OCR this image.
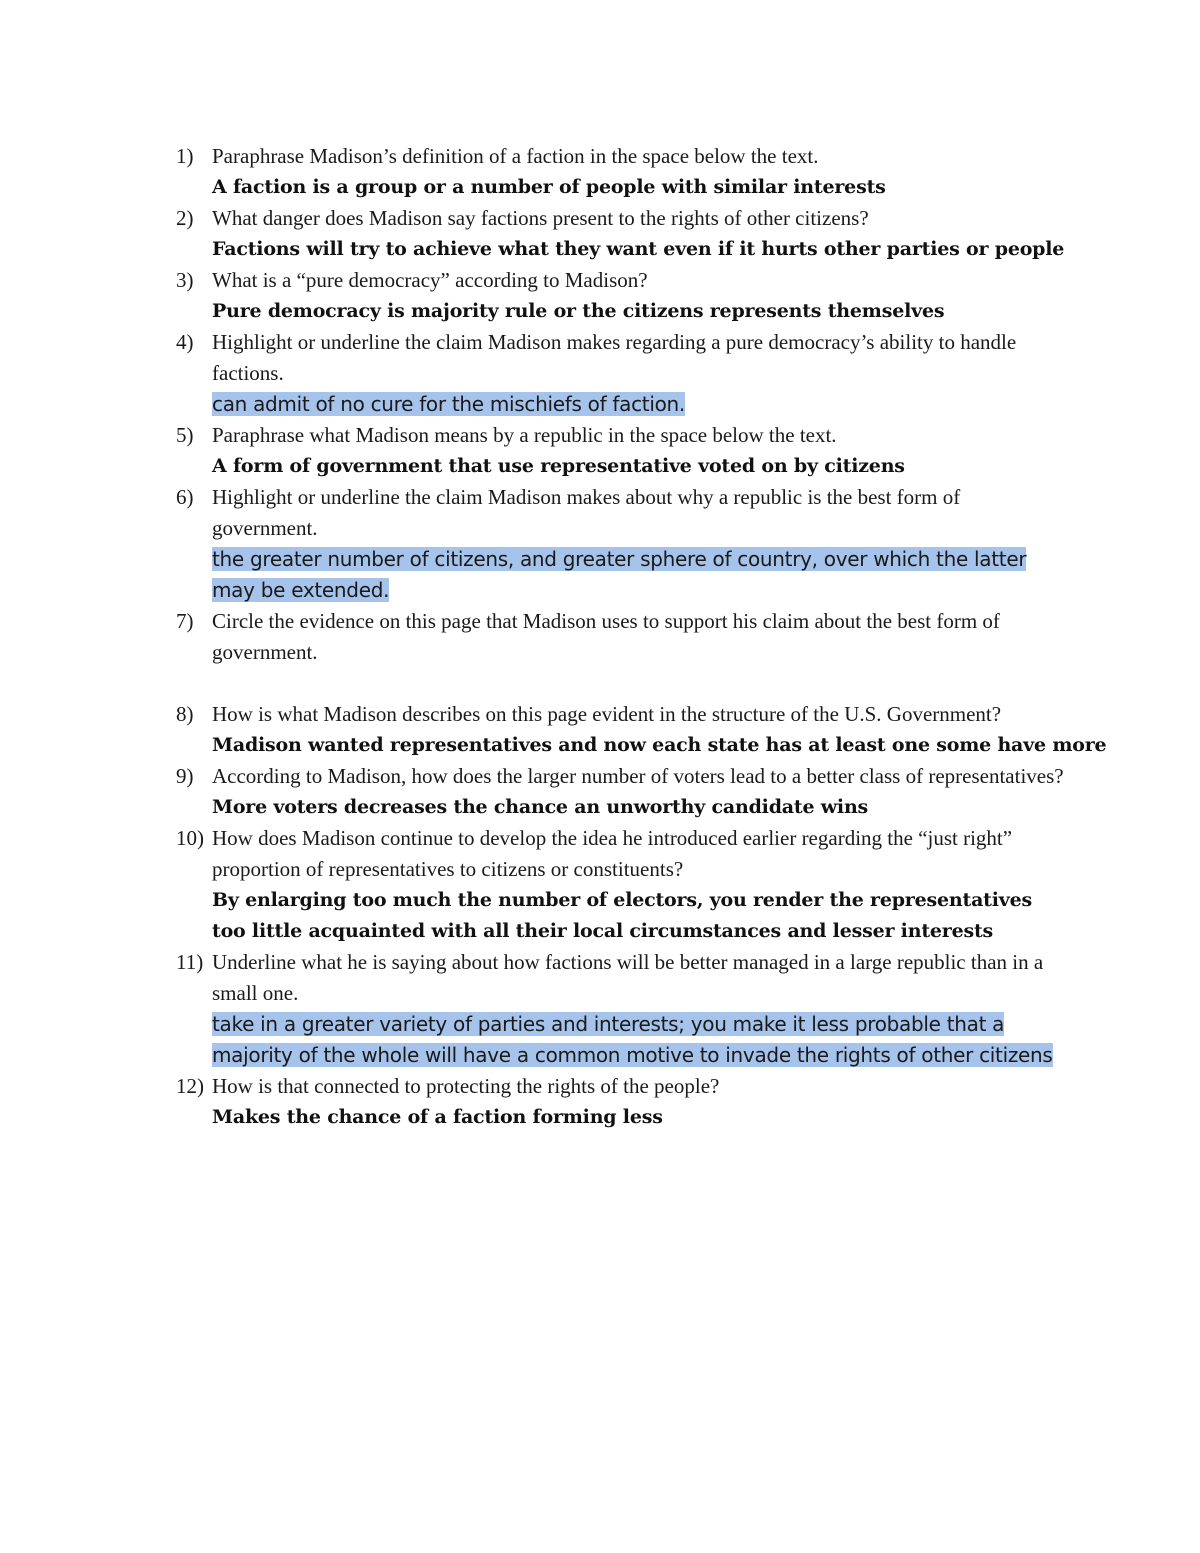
1) Paraphrase Madison’s definition of a faction in the space below the text.
A faction is a group or a number of people with similar interests
2) What danger does Madison say factions present to the rights of other citizens?
Factions will try to achieve what they want even if it hurts other parties or people
3) What is a “pure democracy” according to Madison?
Pure democracy is majority rule or the citizens represents themselves
4) Highlight or underline the claim Madison makes regarding a pure democracy’s ability to handle factions.
can admit of no cure for the mischiefs of faction.
5) Paraphrase what Madison means by a republic in the space below the text.
A form of government that use representative voted on by citizens
6) Highlight or underline the claim Madison makes about why a republic is the best form of government.
the greater number of citizens, and greater sphere of country, over which the latter may be extended.
7) Circle the evidence on this page that Madison uses to support his claim about the best form of government.
8) How is what Madison describes on this page evident in the structure of the U.S. Government?
Madison wanted representatives and now each state has at least one some have more
9) According to Madison, how does the larger number of voters lead to a better class of representatives?
More voters decreases the chance an unworthy candidate wins
10) How does Madison continue to develop the idea he introduced earlier regarding the “just right” proportion of representatives to citizens or constituents?
By enlarging too much the number of electors, you render the representatives too little acquainted with all their local circumstances and lesser interests
11) Underline what he is saying about how factions will be better managed in a large republic than in a small one.
take in a greater variety of parties and interests; you make it less probable that a majority of the whole will have a common motive to invade the rights of other citizens
12) How is that connected to protecting the rights of the people?
Makes the chance of a faction forming less
